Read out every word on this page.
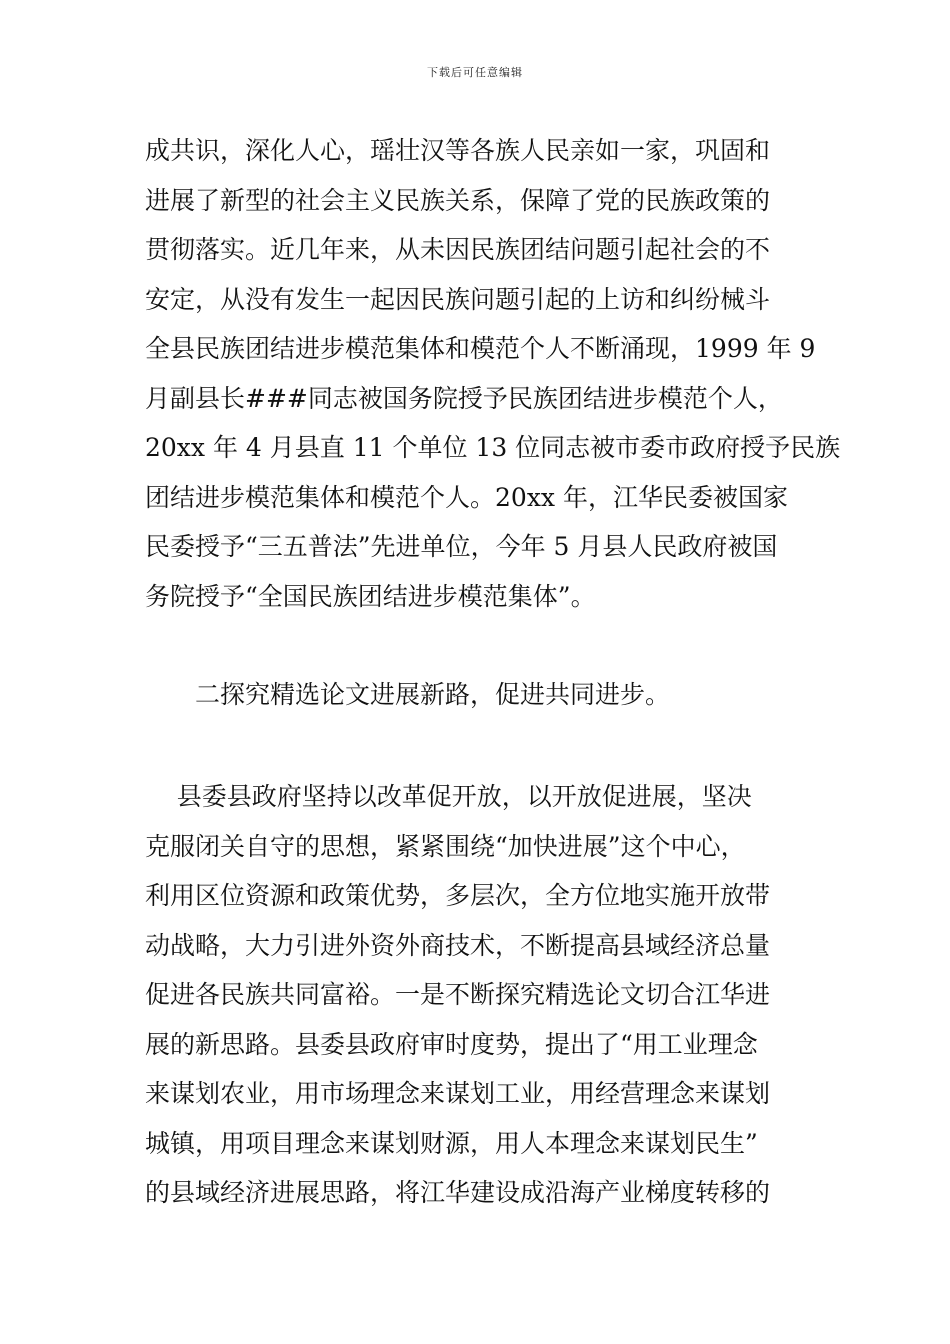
下载后可任意编辑
成共识，深化人心，瑶壮汉等各族人民亲如一家，巩固和
进展了新型的社会主义民族关系，保障了党的民族政策的
贯彻落实。近几年来，从未因民族团结问题引起社会的不
安定，从没有发生一起因民族问题引起的上访和纠纷械斗
全县民族团结进步模范集体和模范个人不断涌现，1999 年 9
月副县长###同志被国务院授予民族团结进步模范个人，
20xx 年 4 月县直 11 个单位 13 位同志被市委市政府授予民族
团结进步模范集体和模范个人。20xx 年，江华民委被国家
民委授予“三五普法”先进单位，今年 5 月县人民政府被国
务院授予“全国民族团结进步模范集体”。
二探究精选论文进展新路，促进共同进步。
县委县政府坚持以改革促开放，以开放促进展，坚决
克服闭关自守的思想，紧紧围绕“加快进展”这个中心，
利用区位资源和政策优势，多层次，全方位地实施开放带
动战略，大力引进外资外商技术，不断提高县域经济总量
促进各民族共同富裕。一是不断探究精选论文切合江华进
展的新思路。县委县政府审时度势，提出了“用工业理念
来谋划农业，用市场理念来谋划工业，用经营理念来谋划
城镇，用项目理念来谋划财源，用人本理念来谋划民生”
的县域经济进展思路，将江华建设成沿海产业梯度转移的
